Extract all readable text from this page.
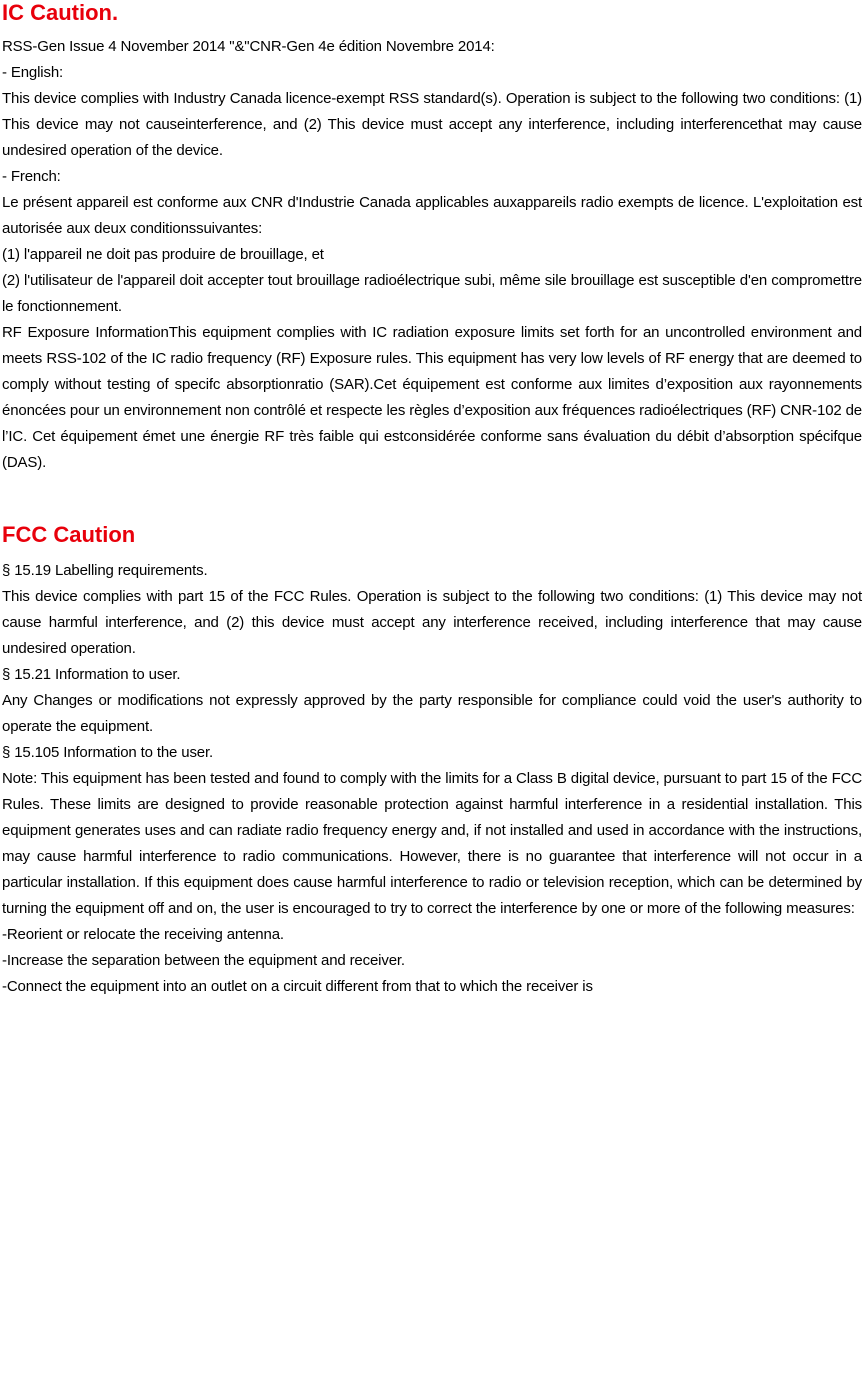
IC Caution.

RSS-Gen Issue 4 November 2014 "&"CNR-Gen 4e édition Novembre 2014:

- English:

This device complies with Industry Canada licence-exempt RSS standard(s). Operation is subject to the following two conditions: (1) This device may not causeinterference, and (2) This device must accept any interference, including interferencethat may cause undesired operation of the device.

- French:

Le présent appareil est conforme aux CNR d'Industrie Canada applicables auxappareils radio exempts de licence. L'exploitation est autorisée aux deux conditionssuivantes:

(1) l'appareil ne doit pas produire de brouillage, et

(2) l'utilisateur de l'appareil doit accepter tout brouillage radioélectrique subi, même sile brouillage est susceptible d'en compromettre le fonctionnement.

RF Exposure InformationThis equipment complies with IC radiation exposure limits set forth for an uncontrolled environment and meets RSS-102 of the IC radio frequency (RF) Exposure rules. This equipment has very low levels of RF energy that are deemed to comply without testing of specifc absorptionratio (SAR).Cet équipement est conforme aux limites d’exposition aux rayonnements énoncées pour un environnement non contrôlé et respecte les règles d’exposition aux fréquences radioélectriques (RF) CNR-102 de l’IC. Cet équipement émet une énergie RF très faible qui estconsidérée conforme sans évaluation du débit d’absorption spécifque (DAS).

FCC Caution

§ 15.19 Labelling requirements.

This device complies with part 15 of the FCC Rules. Operation is subject to the following two conditions: (1) This device may not cause harmful interference, and (2) this device must accept any interference received, including interference that may cause undesired operation.

§ 15.21 Information to user.

Any Changes or modifications not expressly approved by the party responsible for compliance could void the user's authority to operate the equipment.

§ 15.105 Information to the user.

Note: This equipment has been tested and found to comply with the limits for a Class B digital device, pursuant to part 15 of the FCC Rules. These limits are designed to provide reasonable protection against harmful interference in a residential installation. This equipment generates uses and can radiate radio frequency energy and, if not installed and used in accordance with the instructions, may cause harmful interference to radio communications. However, there is no guarantee that interference will not occur in a particular installation. If this equipment does cause harmful interference to radio or television reception, which can be determined by turning the equipment off and on, the user is encouraged to try to correct the interference by one or more of the following measures:

-Reorient or relocate the receiving antenna.

-Increase the separation between the equipment and receiver.

-Connect the equipment into an outlet on a circuit different from that to which the receiver is
